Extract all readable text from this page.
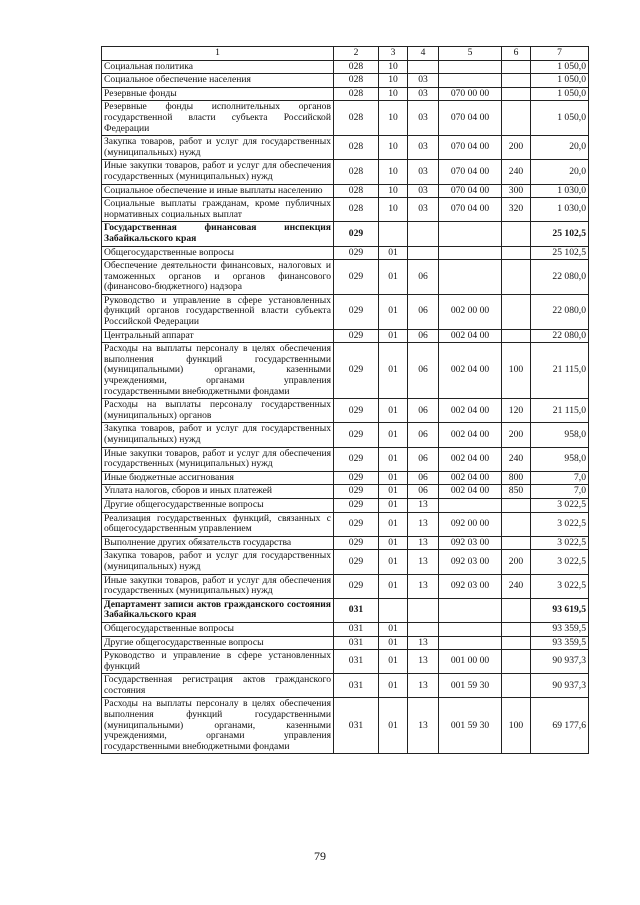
1	2	3	4	5	6	7
Социальная политика	028	10				1 050,0
Социальное обеспечение населения	028	10	03			1 050,0
Резервные фонды	028	10	03	070 00 00		1 050,0
Резервные фонды исполнительных органов государственной власти субъекта Российской Федерации	028	10	03	070 04 00		1 050,0
Закупка товаров, работ и услуг для государственных (муниципальных) нужд	028	10	03	070 04 00	200	20,0
Иные закупки товаров, работ и услуг для обеспечения государственных (муниципальных) нужд	028	10	03	070 04 00	240	20,0
Социальное обеспечение и иные выплаты населению	028	10	03	070 04 00	300	1 030,0
Социальные выплаты гражданам, кроме публичных нормативных социальных выплат	028	10	03	070 04 00	320	1 030,0
Государственная финансовая инспекция Забайкальского края	029					25 102,5
Общегосударственные вопросы	029	01				25 102,5
Обеспечение деятельности финансовых, налоговых и таможенных органов и органов финансового (финансово-бюджетного) надзора	029	01	06			22 080,0
Руководство и управление в сфере установленных функций органов государственной власти субъекта Российской Федерации	029	01	06	002 00 00		22 080,0
Центральный аппарат	029	01	06	002 04 00		22 080,0
Расходы на выплаты персоналу в целях обеспечения выполнения функций государственными (муниципальными) органами, казенными учреждениями, органами управления государственными внебюджетными фондами	029	01	06	002 04 00	100	21 115,0
Расходы на выплаты персоналу государственных (муниципальных) органов	029	01	06	002 04 00	120	21 115,0
Закупка товаров, работ и услуг для государственных (муниципальных) нужд	029	01	06	002 04 00	200	958,0
Иные закупки товаров, работ и услуг для обеспечения государственных (муниципальных) нужд	029	01	06	002 04 00	240	958,0
Иные бюджетные ассигнования	029	01	06	002 04 00	800	7,0
Уплата налогов, сборов и иных платежей	029	01	06	002 04 00	850	7,0
Другие общегосударственные вопросы	029	01	13			3 022,5
Реализация государственных функций, связанных с общегосударственным управлением	029	01	13	092 00 00		3 022,5
Выполнение других обязательств государства	029	01	13	092 03 00		3 022,5
Закупка товаров, работ и услуг для государственных (муниципальных) нужд	029	01	13	092 03 00	200	3 022,5
Иные закупки товаров, работ и услуг для обеспечения государственных (муниципальных) нужд	029	01	13	092 03 00	240	3 022,5
Департамент записи актов гражданского состояния Забайкальского края	031					93 619,5
Общегосударственные вопросы	031	01				93 359,5
Другие общегосударственные вопросы	031	01	13			93 359,5
Руководство и управление в сфере установленных функций	031	01	13	001 00 00		90 937,3
Государственная регистрация актов гражданского состояния	031	01	13	001 59 30		90 937,3
Расходы на выплаты персоналу в целях обеспечения выполнения функций государственными (муниципальными) органами, казенными учреждениями, органами управления государственными внебюджетными фондами	031	01	13	001 59 30	100	69 177,6
79
